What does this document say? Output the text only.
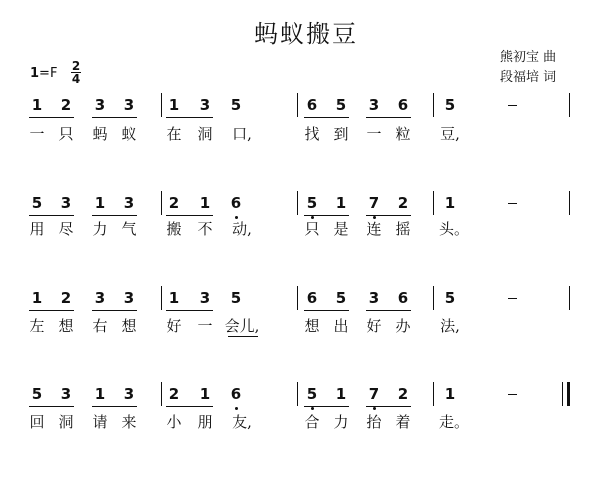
蚂蚁搬豆
熊初宝 曲
段福培 词
1=F 2
4
1	2	3	3	1	3	5	6	5	3	6	5
一 只 蚂 蚁 在 洞 口,	找 到 一 粒 豆,
5	3	1	3	2	1	6	5	1	7	2	1
用 尽 力 气 搬 不 动,	只 是 连 摇 头。
1	2	3	3	1	3	5	6	5	3	6	5
左 想 右 想 好 一 会儿,	想 出 好 办 法,
5	3	1	3	2	1	6	5	1	7	2	1
回 洞 请 来 小 朋 友,	合 力 抬 着 走。
